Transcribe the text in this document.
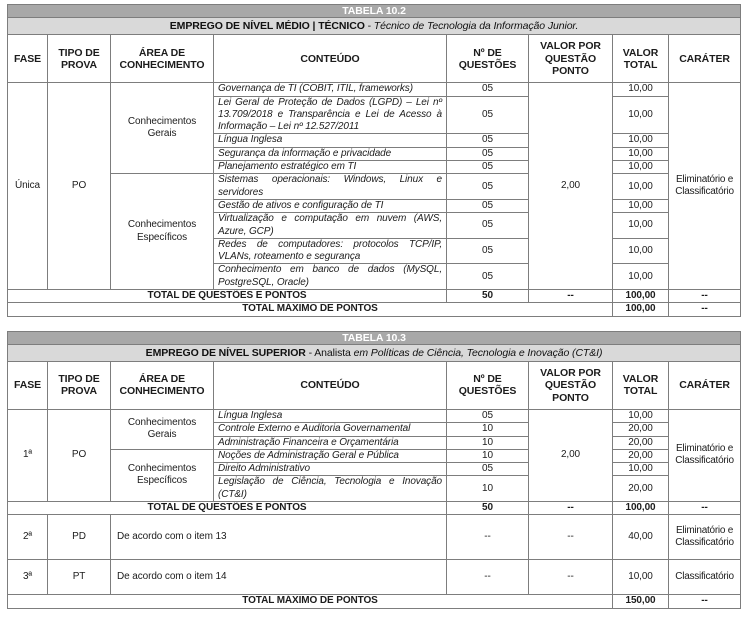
TABELA 10.2							
EMPREGO DE NÍVEL MÉDIO | TÉCNICO - Técnico de Tecnologia da Informação Junior.							
FASE	TIPO DE PROVA	ÁREA DE CONHECIMENTO	CONTEÚDO	Nº DE QUESTÕES	VALOR POR QUESTÃO PONTO	VALOR TOTAL	CARÁTER
Única	PO	Conhecimentos Gerais	Governança de TI (COBIT, ITIL, frameworks)	05	2,00	10,00	Eliminatório e Classificatório
			Lei Geral de Proteção de Dados (LGPD) – Lei nº 13.709/2018 e Transparência e Lei de Acesso à Informação – Lei nº 12.527/2011	05		10,00	
			Língua Inglesa	05		10,00	
			Segurança da informação e privacidade	05		10,00	
			Planejamento estratégico em TI	05		10,00	
		Conhecimentos Específicos	Sistemas operacionais: Windows, Linux e servidores	05		10,00	
			Gestão de ativos e configuração de TI	05		10,00	
			Virtualização e computação em nuvem (AWS, Azure, GCP)	05		10,00	
			Redes de computadores: protocolos TCP/IP, VLANs, roteamento e segurança	05		10,00	
			Conhecimento em banco de dados (MySQL, PostgreSQL, Oracle)	05		10,00	
TOTAL DE QUESTÕES E PONTOS				50	--	100,00	--
TOTAL MÁXIMO DE PONTOS						100,00	--
TABELA 10.3							
EMPREGO DE NÍVEL SUPERIOR - Analista em Políticas de Ciência, Tecnologia e Inovação (CT&I)							
FASE	TIPO DE PROVA	ÁREA DE CONHECIMENTO	CONTEÚDO	Nº DE QUESTÕES	VALOR POR QUESTÃO PONTO	VALOR TOTAL	CARÁTER
1ª	PO	Conhecimentos Gerais	Língua Inglesa	05	2,00	10,00	Eliminatório e Classificatório
			Controle Externo e Auditoria Governamental	10		20,00	
			Administração Financeira e Orçamentária	10		20,00	
		Conhecimentos Específicos	Noções de Administração Geral e Pública	10		20,00	
			Direito Administrativo	05		10,00	
			Legislação de Ciência, Tecnologia e Inovação (CT&I)	10		20,00	
TOTAL DE QUESTÕES E PONTOS				50	--	100,00	--
2ª	PD	De acordo com o item 13		--	--	40,00	Eliminatório e Classificatório
3ª	PT	De acordo com o item 14		--	--	10,00	Classificatório
TOTAL MÁXIMO DE PONTOS						150,00	--
